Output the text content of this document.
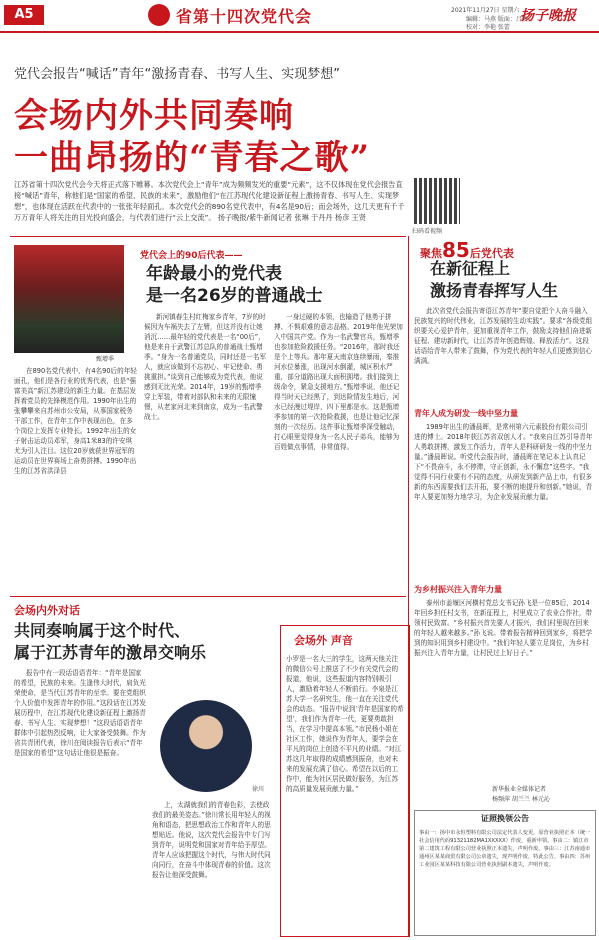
A5	省第十四次党代会	2021年11月27日 星期六
编辑：马燕 版面：吕峻
校对：李艳 张蕾
扬子晚报
党代会报告“喊话”青年“激扬青春、书写人生、实现梦想”
会场内外共同奏响
一曲昂扬的“青春之歌”
江苏省第十四次党代会今天将正式落下帷幕。本次党代会上“青年”成为频频发光的重要“元素”，这不仅体现在党代会报告直接“喊话”青年，称他们是“国家的希望、民族的未来”，激励他们“在江苏现代化建设新征程上激扬青春、书写人生、实现梦想”，也体现在活跃在代表中的一张张年轻面孔。本次党代会的890名党代表中，有4名是90后；而会场外，这几天更有千千万万青年人将关注的目光投向盛会，与代表们进行“云上交流”。 扬子晚报/紫牛新闻记者 张琳 于丹丹 杨彦 王贤
扫码看视频
甄增季
党代会上的90后代表——
年龄最小的党代表
是一名26岁的普通战士

在890名党代表中，有4名90后的年轻面孔，他们是各行业的优秀代表，也是“强富美高”新江苏建设的新生力量。在基层发挥着党员的先锋模范作用。1990年出生的张攀攀来自苏州市公安局，从事国家税务干部工作，在青年工作中表现出色，在多个岗位上发挥专业特长。1992年出生的女子射击运动员邓军，身高1米83的许安琪尤为引人注目。这位20岁就获世界冠军的运动员在世界赛场上奋勇拼搏。1990年出生的江苏省洪泽县

新河镇春生村红梅家乡青年，7岁的时候因为车祸失去了左臂，但这并没有让她消沉……最年轻的党代表是一名“00后”，他是来自于武警江苏总队的普通战士甄增季。“身为一名普通党员，同时还是一名军人，就应该做到不忘初心、牢记使命、勇挑重担。”谈到自己能够成为党代表，他说感到无比光荣。2014年，19岁的甄增季穿上军装，带着对部队和未来的无限憧憬，从老家河北来到南京，成为一名武警战士。

一身过硬的本领，也输造了他勇于拼搏、不惧艰难的意志品格。2019年他光荣加入中国共产党。作为一名武警官兵，甄增季也参加抢险救援任务。“2016年，那时我还是个上等兵。那年夏天南京连续暴雨，秦淮河水位暴涨，出现河水倒灌，城区积水严重，部分道路出现大面积拥堵。我们接到上级命令，紧急支援地方。”甄增季说，他还记得当时天已经黑了，到达险情发生地后，河水已经漫过堤岸，四下里都是水。这是甄增季参加的第一次抢险救援，也是让他记忆深刻的一次经历。这件事让甄增季深受触动，打心眼里觉得身为一名人民子弟兵，能够为百姓做点事情，非常值得。

会场内外对话
共同奏响属于这个时代、
属于江苏青年的激昂交响乐

报告中有一段话语语青年：“青年是国家的希望，民族的未来。生逢伟大时代，肩负光荣使命，是当代江苏青年的至幸。要在党组织个人价值中发挥青年的作用。”这段话在江苏发展历程中，在江苏现代化建设新征程上激扬青春、书写人生、实现梦想！”这段话语语青年群体中引起热烈反响，让大家备受鼓舞。作为省共青团代表，徐川在阅读报告后表示“青年是国家的希望”这句话让他很是振奋。

徐川

上，太湖就我们的青春色彩，去使政我们的最美姿态。”徐川常长用年轻人的视角和语态，把思想政治工作和青年人的思想贴近。他说，这次党代会报告中专门写到青年，说明党和国家对青年给予厚望。青年人应该把握这个时代，与伟大时代同向同行，在奋斗中体现青春的价值。这次报告让他深受鼓舞。

会场外 声音
小罗是一名大三的学生，这两天他关注的微信公号上推送了不少有关党代会的报道，他说，这些报道内容特别吸引人，激励着年轻人不断前行。李泉是江苏大学一名研究生，他一直在关注党代会的动态。“报告中说到‘青年是国家的希望’，我们作为青年一代，更要勇敢担当，在学习中提高本领。”市民杨小姐在社区工作，她说作为青年人，要学会在平凡的岗位上创造不平凡的业绩。“对江苏这几年取得的成绩感到振奋，也对未来的发展充满了信心。希望在以后的工作中，能为社区居民做好服务，为江苏的高质量发展贡献力量。”
聚焦85后党代表
在新征程上
激扬青春挥写人生

此次省党代会报告寄语江苏青年“要自觉把个人奋斗融入民族复兴的时代伟业，江苏发展的生动实践”。要求“各级党组织要关心爱护青年，更加重视青年工作，鼓励支持他们奋进新征程、建功新时代，让江苏青年创造辉煌、释放活力”。这段话语给青年人带来了鼓舞，作为党代表的年轻人们更感到信心满满。

青年人成为研发一线中坚力量

1989年出生的潘晨晖，是常州第六元素股份有限公司引进的博士。2018年获江苏省双创人才。“我来自江苏引导青年人勇敢拼搏，激发工作活力，青年人是科研研发一线的中坚力量。”潘晨晖说。听党代会报告时，潘晨晖在笔记本上认真记下“不畏奋斗，永不停滞，守正创新，永不懈怠”这些字。“我觉得不同行业要有不同的态度，从研发到新产品上市，有很多新的东西需要我们去开拓，要不断的地提升和创新。”她说，青年人要更加努力地学习，为企业发展贡献力量。

为乡村振兴注入青年力量

泰州市姜堰区河横村党总支书记孙飞是一位85后，2014年回乡担任村支书，在新征程上，村里成立了农业合作社，带领村民致富。“乡村振兴首先要人才振兴，我们村里现在回来的年轻人越来越多。”孙飞说。带着报告精神回到家乡，将把学到的知识用到乡村建设中。“我们年轻人要立足岗位，为乡村振兴注入青年力量，让村民过上好日子。”

新华报业全媒体记者
杨频萍 胡兰兰 林元沁
证照换领公告
事由一：扬中市永恒塑料有限公司法定代表人变更，原营业执照正本（统一社会信用代码91321182MA1XXXXX）作废，重新申领。事由二：镇江市第二建筑工程有限公司营业执照正本遗失，声明作废。事由三：江苏南通市通州区某某商贸有限公司公章遗失，现声明作废，特此公告。事由四：苏州工业园区某某科技有限公司营业执照副本遗失，声明作废。
